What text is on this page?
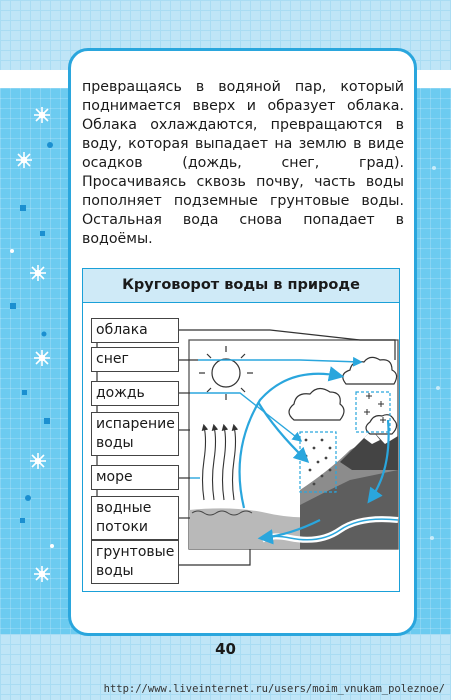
превращаясь в водяной пар, который поднимается вверх и образует облака. Облака охлаждаются, превращаются в воду, которая выпадает на землю в виде осадков (дождь, снег, град). Просачиваясь сквозь почву, часть воды пополняет подземные грунтовые воды. Остальная вода снова попадает в водоёмы.

Круговорот воды в природе
облака
снег
дождь
испарение воды
море
водные потоки
грунтовые воды
40
http://www.liveinternet.ru/users/moim_vnukam_poleznoe/
